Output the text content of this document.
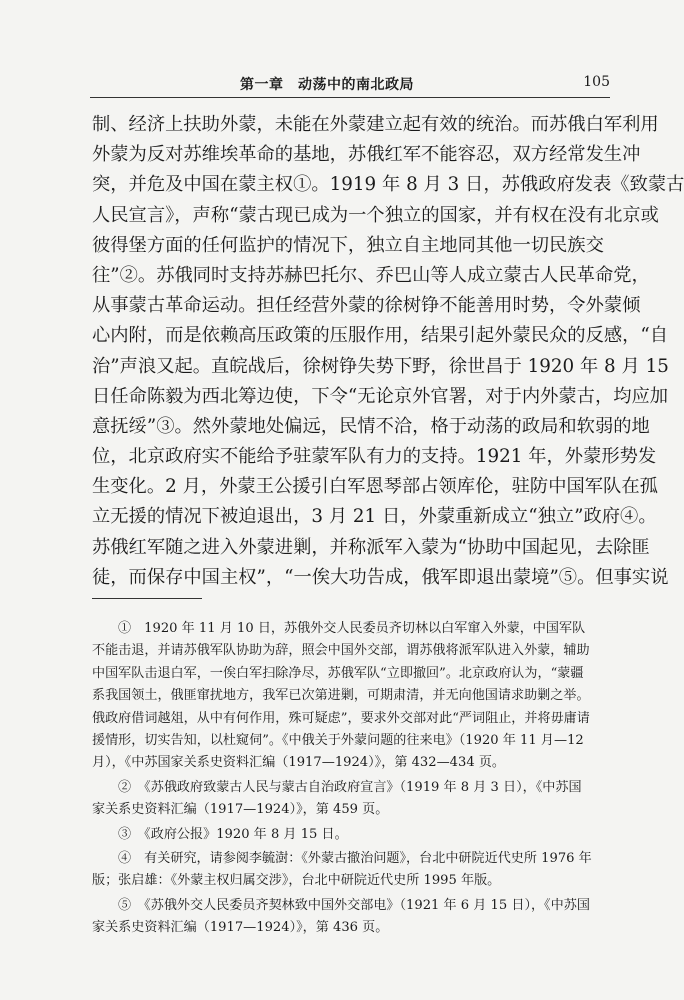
第一章　动荡中的南北政局	105
制、经济上扶助外蒙，未能在外蒙建立起有效的统治。而苏俄白军利用
外蒙为反对苏维埃革命的基地，苏俄红军不能容忍，双方经常发生冲
突，并危及中国在蒙主权①。1919 年 8 月 3 日，苏俄政府发表《致蒙古
人民宣言》，声称“蒙古现已成为一个独立的国家，并有权在没有北京或
彼得堡方面的任何监护的情况下，独立自主地同其他一切民族交
往”②。苏俄同时支持苏赫巴托尔、乔巴山等人成立蒙古人民革命党，
从事蒙古革命运动。担任经营外蒙的徐树铮不能善用时势，令外蒙倾
心内附，而是依赖高压政策的压服作用，结果引起外蒙民众的反感，“自
治”声浪又起。直皖战后，徐树铮失势下野，徐世昌于 1920 年 8 月 15
日任命陈毅为西北筹边使，下令“无论京外官署，对于内外蒙古，均应加
意抚绥”③。然外蒙地处偏远，民情不洽，格于动荡的政局和软弱的地
位，北京政府实不能给予驻蒙军队有力的支持。1921 年，外蒙形势发
生变化。2 月，外蒙王公援引白军恩琴部占领库伦，驻防中国军队在孤
立无援的情况下被迫退出，3 月 21 日，外蒙重新成立“独立”政府④。
苏俄红军随之进入外蒙进剿，并称派军入蒙为“协助中国起见，去除匪
徒，而保存中国主权”，“一俟大功告成，俄军即退出蒙境”⑤。但事实说
①　1920 年 11 月 10 日，苏俄外交人民委员齐切林以白军窜入外蒙，中国军队
不能击退，并请苏俄军队协助为辞，照会中国外交部，谓苏俄将派军队进入外蒙，辅助
中国军队击退白军，一俟白军扫除净尽，苏俄军队“立即撤回”。北京政府认为，“蒙疆
系我国领土，俄匪窜扰地方，我军已次第进剿，可期肃清，并无向他国请求助剿之举。
俄政府借词越俎，从中有何作用，殊可疑虑”，要求外交部对此“严词阻止，并将毋庸请
援情形，切实告知，以杜窥伺”。《中俄关于外蒙问题的往来电》（1920 年 11 月—12
月），《中苏国家关系史资料汇编（1917—1924）》，第 432—434 页。
②　《苏俄政府致蒙古人民与蒙古自治政府宣言》（1919 年 8 月 3 日），《中苏国
家关系史资料汇编（1917—1924）》，第 459 页。
③　《政府公报》1920 年 8 月 15 日。
④　有关研究，请参阅李毓澍：《外蒙古撤治问题》，台北中研院近代史所 1976 年
版；张启雄：《外蒙主权归属交涉》，台北中研院近代史所 1995 年版。
⑤　《苏俄外交人民委员齐契林致中国外交部电》（1921 年 6 月 15 日），《中苏国
家关系史资料汇编（1917—1924）》，第 436 页。
